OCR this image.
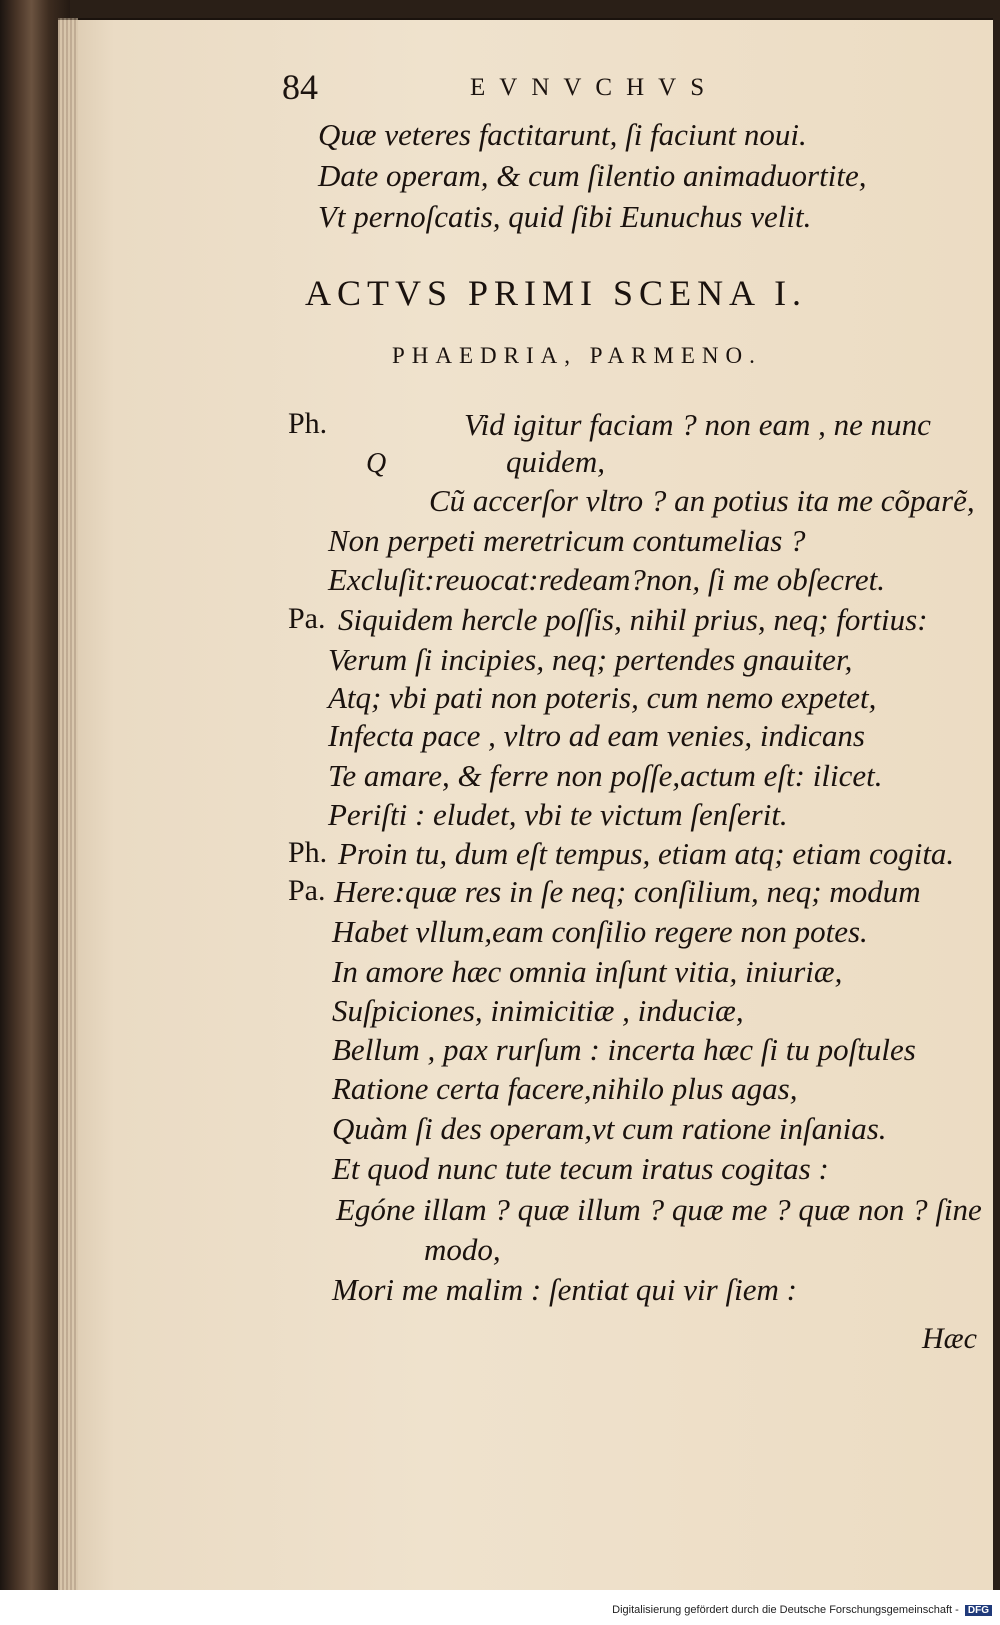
84	EVNVCHVS
Quæ veteres factitarunt, ſi faciunt noui.
Date operam, & cum ſilentio animaduortite,
Vt pernoſcatis, quid ſibi Eunuchus velit.
ACTVS PRIMI SCENA I.
PHAEDRIA, PARMENO.
Q
Ph.	Vid igitur faciam ? non eam , ne nunc
quidem,
Cũ accerſor vltro ? an potius ita me cõparẽ,
Non perpeti meretricum contumelias ?
Excluſit:reuocat:redeam?non, ſi me obſecret.
Pa. Siquidem hercle poſſis, nihil prius, neq; fortius:
Verum ſi incipies, neq; pertendes gnauiter,
Atq; vbi pati non poteris, cum nemo expetet,
Infecta pace , vltro ad eam venies, indicans
Te amare, & ferre non poſſe,actum eſt: ilicet.
Periſti : eludet, vbi te victum ſenſerit.
Ph. Proin tu, dum eſt tempus, etiam atq; etiam cogita.
Pa. Here:quæ res in ſe neq; conſilium, neq; modum
Habet vllum,eam conſilio regere non potes.
In amore hæc omnia inſunt vitia, iniuriæ,
Suſpiciones, inimicitiæ , induciæ,
Bellum , pax rurſum : incerta hæc ſi tu poſtules
Ratione certa facere,nihilo plus agas,
Quàm ſi des operam,vt cum ratione inſanias.
Et quod nunc tute tecum iratus cogitas :
Egóne illam ? quæ illum ? quæ me ? quæ non ? ſine
modo,
Mori me malim : ſentiat qui vir ſiem :
Hæc
Digitalisierung gefördert durch die Deutsche Forschungsgemeinschaft - DFG
